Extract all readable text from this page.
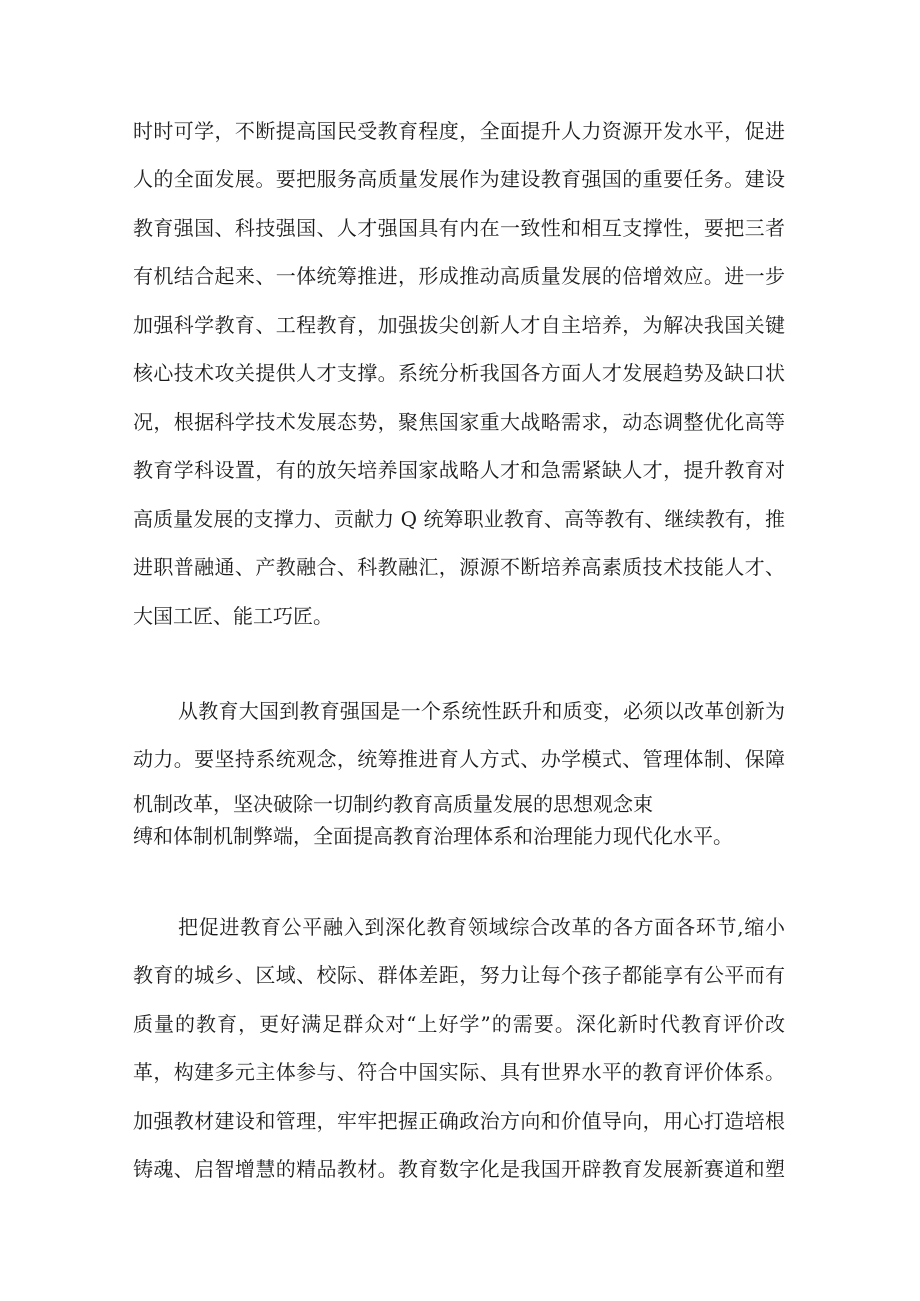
时时可学，不断提高国民受教育程度，全面提升人力资源开发水平，促进
人的全面发展。要把服务高质量发展作为建设教育强国的重要任务。建设
教育强国、科技强国、人才强国具有内在一致性和相互支撑性，要把三者
有机结合起来、一体统筹推进，形成推动高质量发展的倍增效应。进一步
加强科学教育、工程教育，加强拔尖创新人才自主培养，为解决我国关键
核心技术攻关提供人才支撑。系统分析我国各方面人才发展趋势及缺口状
况，根据科学技术发展态势，聚焦国家重大战略需求，动态调整优化高等
教育学科设置，有的放矢培养国家战略人才和急需紧缺人才，提升教育对
高质量发展的支撑力、贡献力 Q 统筹职业教育、高等教有、继续教有，推
进职普融通、产教融合、科教融汇，源源不断培养高素质技术技能人才、
大国工匠、能工巧匠。
从教育大国到教育强国是一个系统性跃升和质变，必须以改革创新为
动力。要坚持系统观念，统筹推进育人方式、办学模式、管理体制、保障
机制改革，坚决破除一切制约教育高质量发展的思想观念束
缚和体制机制弊端，全面提高教育治理体系和治理能力现代化水平。
把促进教育公平融入到深化教育领域综合改革的各方面各环节,缩小
教育的城乡、区域、校际、群体差距，努力让每个孩子都能享有公平而有
质量的教育，更好满足群众对“上好学”的需要。深化新时代教育评价改
革，构建多元主体参与、符合中国实际、具有世界水平的教育评价体系。
加强教材建设和管理，牢牢把握正确政治方向和价值导向，用心打造培根
铸魂、启智增慧的精品教材。教育数字化是我国开辟教育发展新赛道和塑
